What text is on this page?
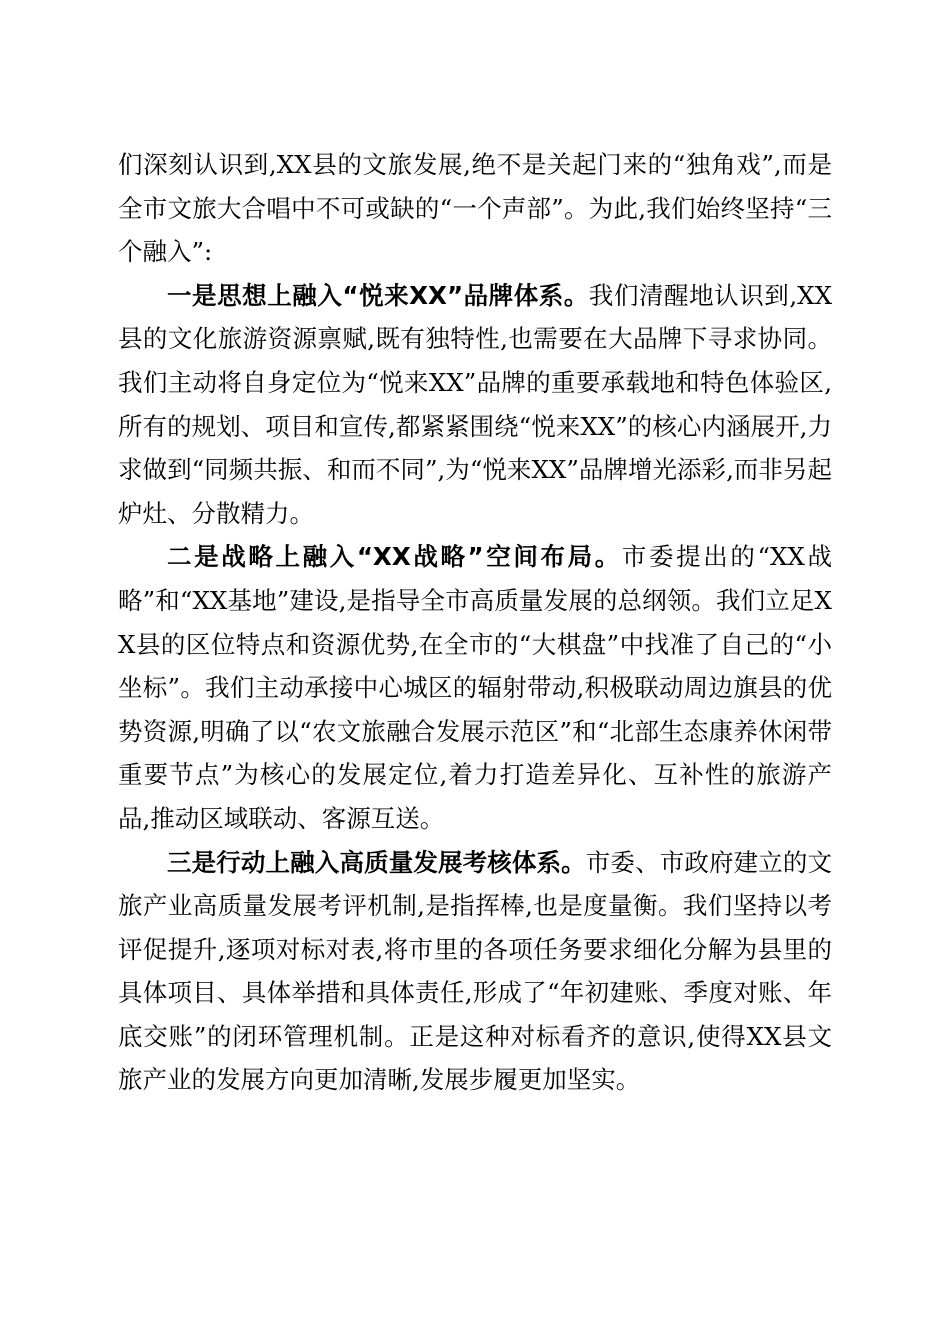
们深刻认识到,XX县的文旅发展,绝不是关起门来的“独角戏”,而是全市文旅大合唱中不可或缺的“一个声部”。为此,我们始终坚持“三个融入”:

一是思想上融入“悦来XX”品牌体系。我们清醒地认识到,XX县的文化旅游资源禀赋,既有独特性,也需要在大品牌下寻求协同。我们主动将自身定位为“悦来XX”品牌的重要承载地和特色体验区,所有的规划、项目和宣传,都紧紧围绕“悦来XX”的核心内涵展开,力求做到“同频共振、和而不同”,为“悦来XX”品牌增光添彩,而非另起炉灶、分散精力。

二是战略上融入“XX战略”空间布局。市委提出的“XX战略”和“XX基地”建设,是指导全市高质量发展的总纲领。我们立足XX县的区位特点和资源优势,在全市的“大棋盘”中找准了自己的“小坐标”。我们主动承接中心城区的辐射带动,积极联动周边旗县的优势资源,明确了以“农文旅融合发展示范区”和“北部生态康养休闲带重要节点”为核心的发展定位,着力打造差异化、互补性的旅游产品,推动区域联动、客源互送。

三是行动上融入高质量发展考核体系。市委、市政府建立的文旅产业高质量发展考评机制,是指挥棒,也是度量衡。我们坚持以考评促提升,逐项对标对表,将市里的各项任务要求细化分解为县里的具体项目、具体举措和具体责任,形成了“年初建账、季度对账、年底交账”的闭环管理机制。正是这种对标看齐的意识,使得XX县文旅产业的发展方向更加清晰,发展步履更加坚实。
